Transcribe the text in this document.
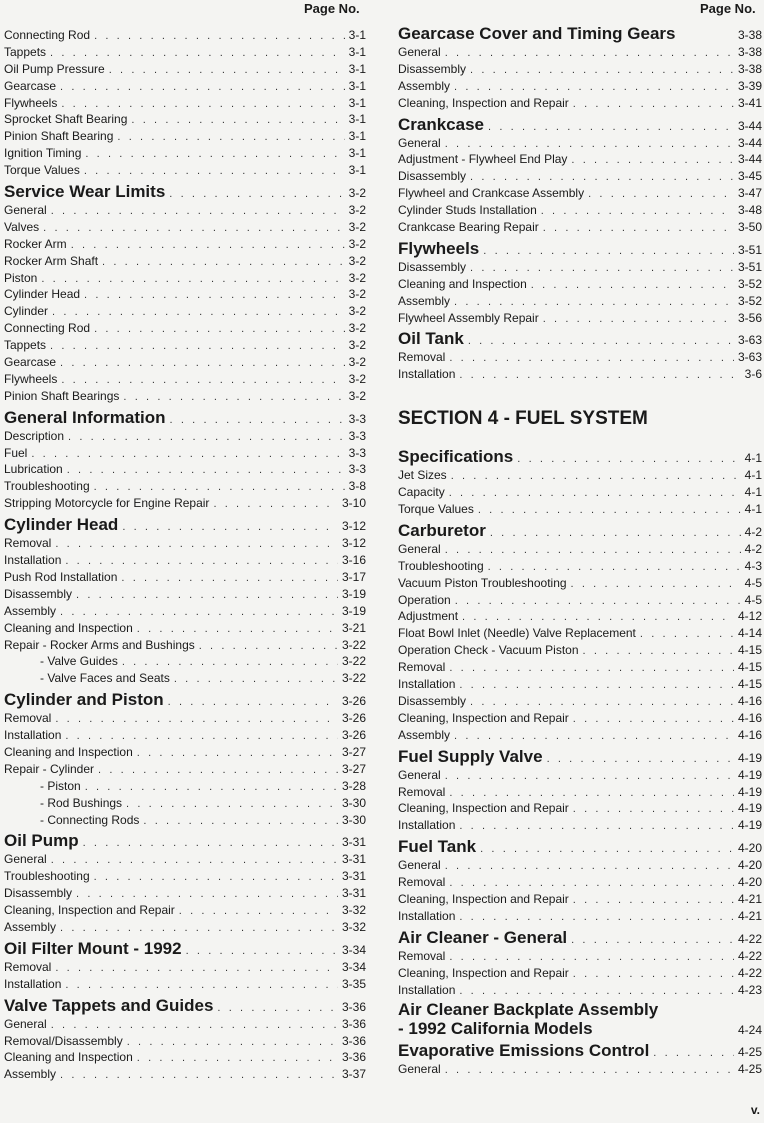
Page No.	Page No.
Connecting Rod . . .	3-1
Tappets . . .	3-1
Oil Pump Pressure . . .	3-1
Gearcase . . .	3-1
Flywheels . . .	3-1
Sprocket Shaft Bearing . . .	3-1
Pinion Shaft Bearing . . .	3-1
Ignition Timing . . .	3-1
Torque Values . . .	3-1
Service Wear Limits . . .	3-2
General . . .	3-2
Valves . . .	3-2
Rocker Arm . . .	3-2
Rocker Arm Shaft . . .	3-2
Piston . . .	3-2
Cylinder Head . . .	3-2
Cylinder . . .	3-2
Connecting Rod . . .	3-2
Tappets . . .	3-2
Gearcase . . .	3-2
Flywheels . . .	3-2
Pinion Shaft Bearings . . .	3-2
General Information . . .	3-3
Description . . .	3-3
Fuel . . .	3-3
Lubrication . . .	3-3
Troubleshooting . . .	3-8
Stripping Motorcycle for Engine Repair . . .	3-10
Cylinder Head . . .	3-12
Removal . . .	3-12
Installation . . .	3-16
Push Rod Installation . . .	3-17
Disassembly . . .	3-19
Assembly . . .	3-19
Cleaning and Inspection . . .	3-21
Repair - Rocker Arms and Bushings . . .	3-22
- Valve Guides . . .	3-22
- Valve Faces and Seats . . .	3-22
Cylinder and Piston . . .	3-26
Removal . . .	3-26
Installation . . .	3-26
Cleaning and Inspection . . .	3-27
Repair - Cylinder . . .	3-27
- Piston . . .	3-28
- Rod Bushings . . .	3-30
- Connecting Rods . . .	3-30
Oil Pump . . .	3-31
General . . .	3-31
Troubleshooting . . .	3-31
Disassembly . . .	3-31
Cleaning, Inspection and Repair . . .	3-32
Assembly . . .	3-32
Oil Filter Mount - 1992 . . .	3-34
Removal . . .	3-34
Installation . . .	3-35
Valve Tappets and Guides . . .	3-36
General . . .	3-36
Removal/Disassembly . . .	3-36
Cleaning and Inspection . . .	3-36
Assembly . . .	3-37
Gearcase Cover and Timing Gears	3-38
General . . .	3-38
Disassembly . . .	3-38
Assembly . . .	3-39
Cleaning, Inspection and Repair . . .	3-41
Crankcase . . .	3-44
General . . .	3-44
Adjustment - Flywheel End Play . . .	3-44
Disassembly . . .	3-45
Flywheel and Crankcase Assembly . . .	3-47
Cylinder Studs Installation . . .	3-48
Crankcase Bearing Repair . . .	3-50
Flywheels . . .	3-51
Disassembly . . .	3-51
Cleaning and Inspection . . .	3-52
Assembly . . .	3-52
Flywheel Assembly Repair . . .	3-56
Oil Tank . . .	3-63
Removal . . .	3-63
Installation . . .	3-6
SECTION 4 - FUEL SYSTEM
Specifications . . .	4-1
Jet Sizes . . .	4-1
Capacity . . .	4-1
Torque Values . . .	4-1
Carburetor . . .	4-2
General . . .	4-2
Troubleshooting . . .	4-3
Vacuum Piston Troubleshooting . . .	4-5
Operation . . .	4-5
Adjustment . . .	4-12
Float Bowl Inlet (Needle) Valve Replacement . . .	4-14
Operation Check - Vacuum Piston . . .	4-15
Removal . . .	4-15
Installation . . .	4-15
Disassembly . . .	4-16
Cleaning, Inspection and Repair . . .	4-16
Assembly . . .	4-16
Fuel Supply Valve . . .	4-19
General . . .	4-19
Removal . . .	4-19
Cleaning, Inspection and Repair . . .	4-19
Installation . . .	4-19
Fuel Tank . . .	4-20
General . . .	4-20
Removal . . .	4-20
Cleaning, Inspection and Repair . . .	4-21
Installation . . .	4-21
Air Cleaner - General . . .	4-22
Removal . . .	4-22
Cleaning, Inspection and Repair . . .	4-22
Installation . . .	4-23
Air Cleaner Backplate Assembly
- 1992 California Models	4-24
Evaporative Emissions Control . . .	4-25
General . . .	4-25
v.
